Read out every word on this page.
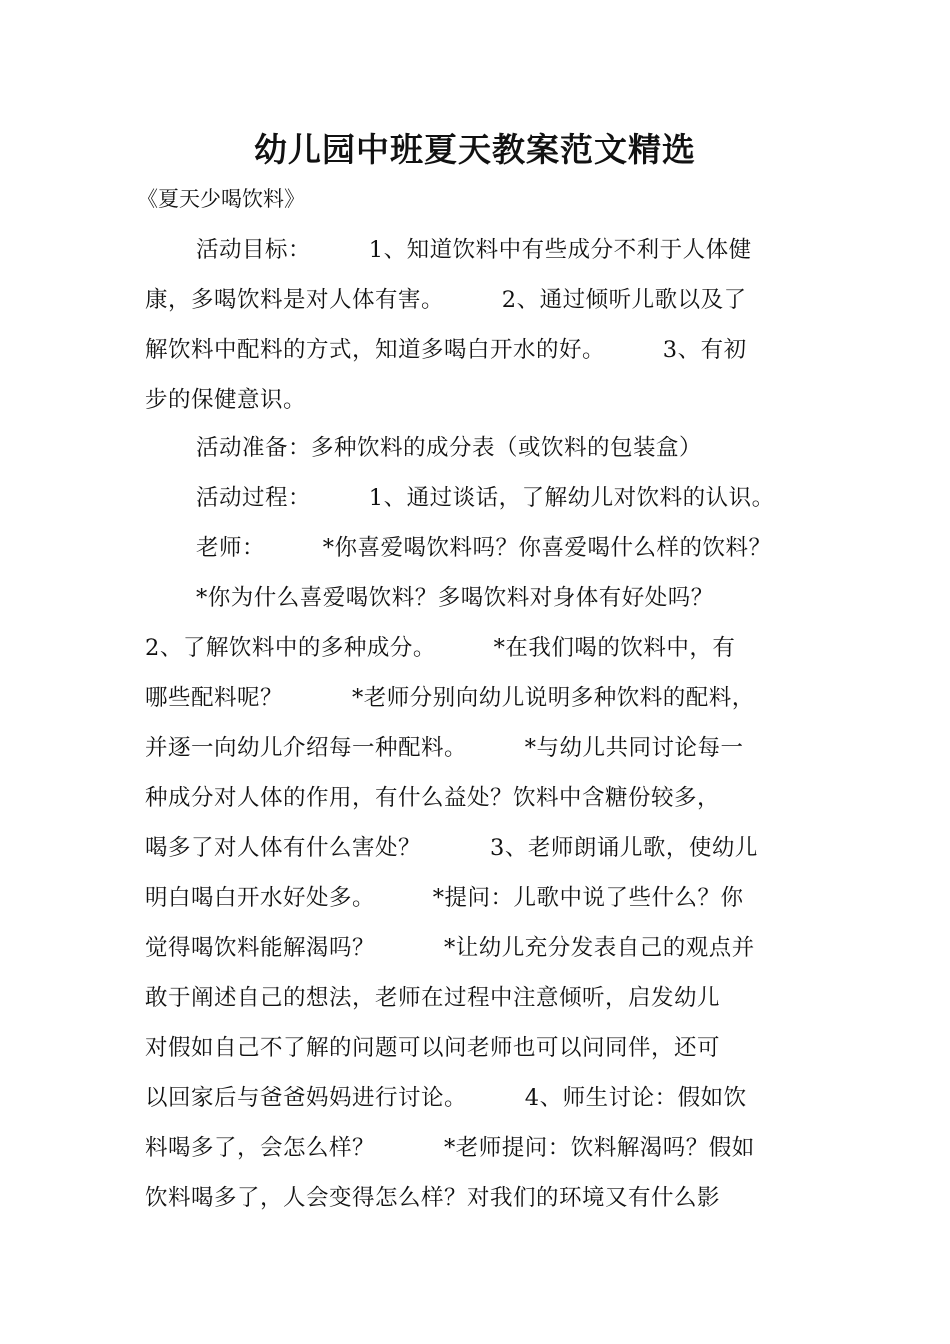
幼儿园中班夏天教案范文精选
《夏天少喝饮料》
活动目标：　　　1、知道饮料中有些成分不利于人体健
康，多喝饮料是对人体有害。　　　2、通过倾听儿歌以及了
解饮料中配料的方式，知道多喝白开水的好。　　　3、有初
步的保健意识。
活动准备：多种饮料的成分表（或饮料的包装盒）
活动过程：　　　1、通过谈话，了解幼儿对饮料的认识。
老师：　　　*你喜爱喝饮料吗？你喜爱喝什么样的饮料？
*你为什么喜爱喝饮料？多喝饮料对身体有好处吗？
2、了解饮料中的多种成分。　　　*在我们喝的饮料中，有
哪些配料呢？　　　*老师分别向幼儿说明多种饮料的配料，
并逐一向幼儿介绍每一种配料。　　　*与幼儿共同讨论每一
种成分对人体的作用，有什么益处？饮料中含糖份较多，
喝多了对人体有什么害处？　　　3、老师朗诵儿歌，使幼儿
明白喝白开水好处多。　　　*提问：儿歌中说了些什么？你
觉得喝饮料能解渴吗？　　　*让幼儿充分发表自己的观点并
敢于阐述自己的想法，老师在过程中注意倾听，启发幼儿
对假如自己不了解的问题可以问老师也可以问同伴，还可
以回家后与爸爸妈妈进行讨论。　　　4、师生讨论：假如饮
料喝多了，会怎么样？　　　*老师提问：饮料解渴吗？假如
饮料喝多了，人会变得怎么样？对我们的环境又有什么影
